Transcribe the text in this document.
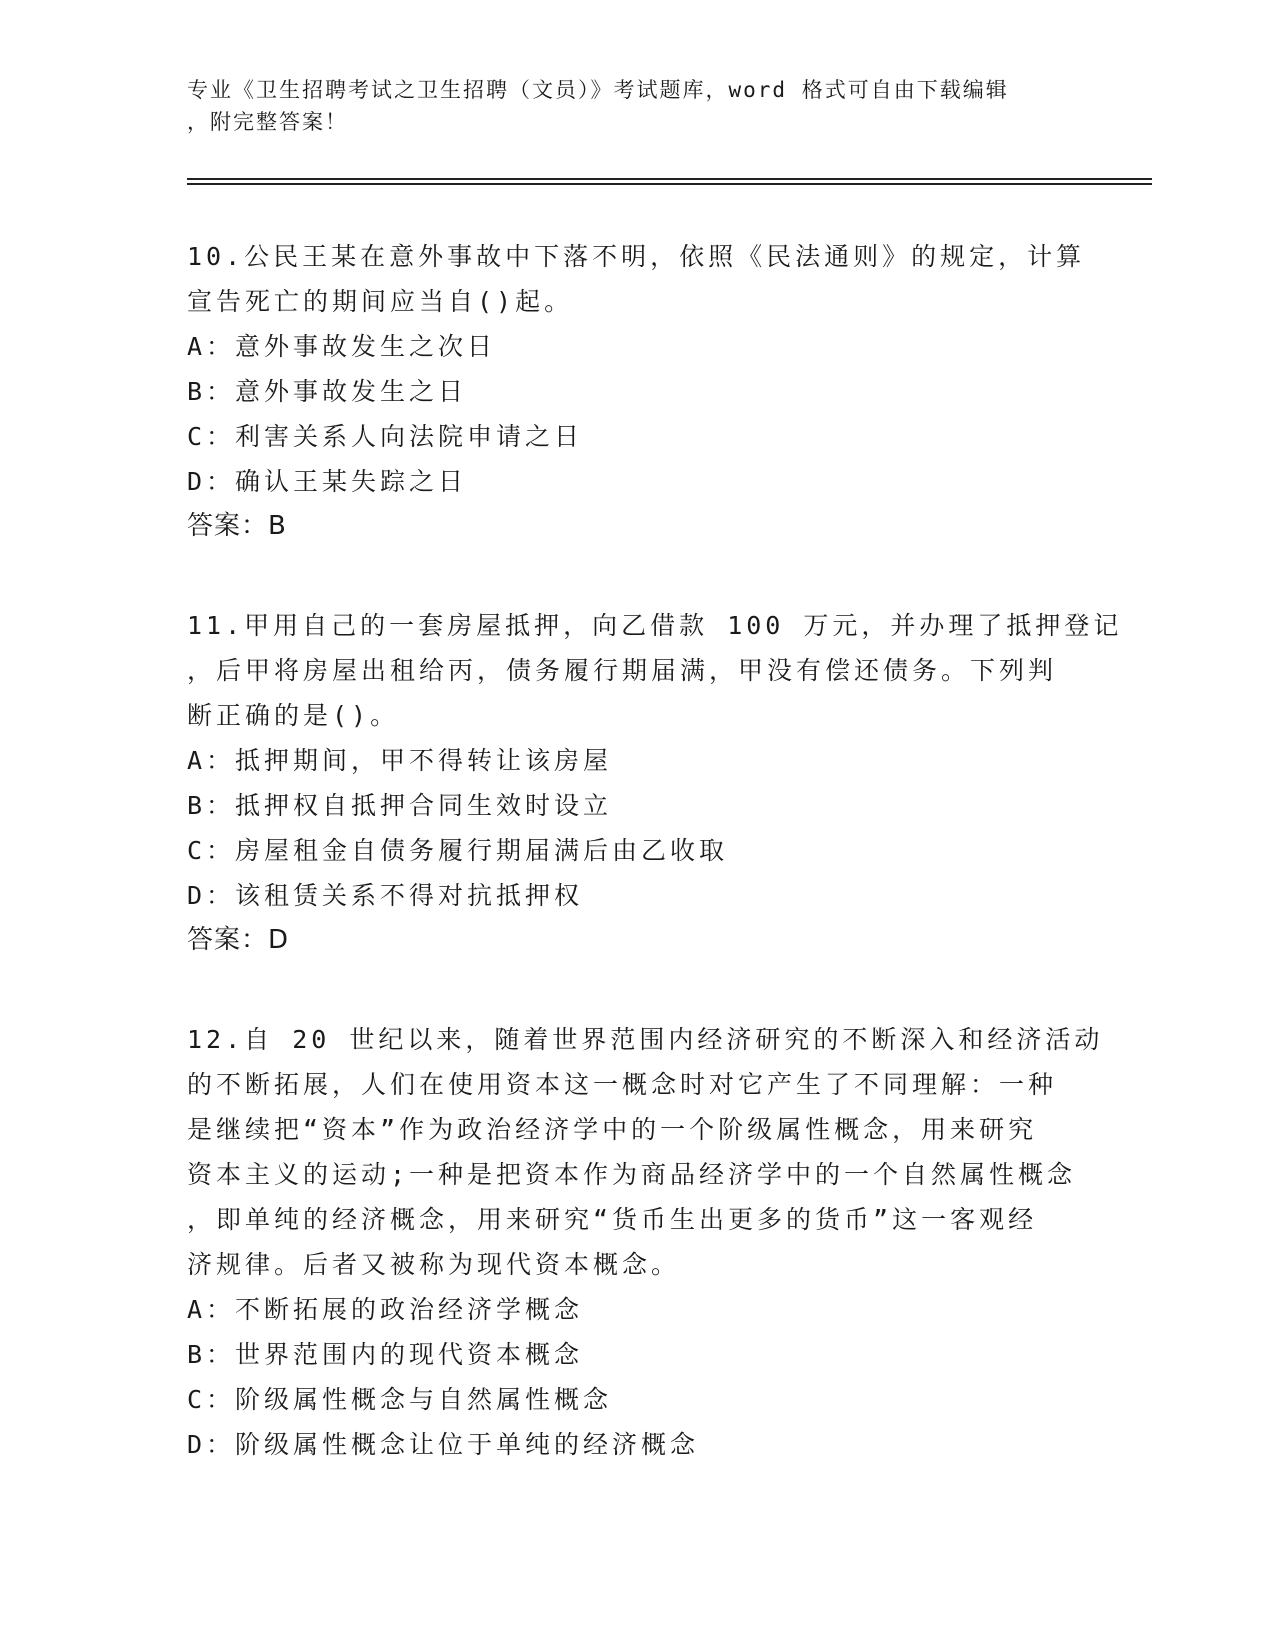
专业《卫生招聘考试之卫生招聘（文员）》考试题库，word 格式可自由下载编辑
，附完整答案！
10.公民王某在意外事故中下落不明，依照《民法通则》的规定，计算
宣告死亡的期间应当自()起。
A：意外事故发生之次日
B：意外事故发生之日
C：利害关系人向法院申请之日
D：确认王某失踪之日
答案：B
11.甲用自己的一套房屋抵押，向乙借款 100 万元，并办理了抵押登记
，后甲将房屋出租给丙，债务履行期届满，甲没有偿还债务。下列判
断正确的是()。
A：抵押期间，甲不得转让该房屋
B：抵押权自抵押合同生效时设立
C：房屋租金自债务履行期届满后由乙收取
D：该租赁关系不得对抗抵押权
答案：D
12.自 20 世纪以来，随着世界范围内经济研究的不断深入和经济活动
的不断拓展，人们在使用资本这一概念时对它产生了不同理解：一种
是继续把“资本”作为政治经济学中的一个阶级属性概念，用来研究
资本主义的运动;一种是把资本作为商品经济学中的一个自然属性概念
，即单纯的经济概念，用来研究“货币生出更多的货币”这一客观经
济规律。后者又被称为现代资本概念。
A：不断拓展的政治经济学概念
B：世界范围内的现代资本概念
C：阶级属性概念与自然属性概念
D：阶级属性概念让位于单纯的经济概念
